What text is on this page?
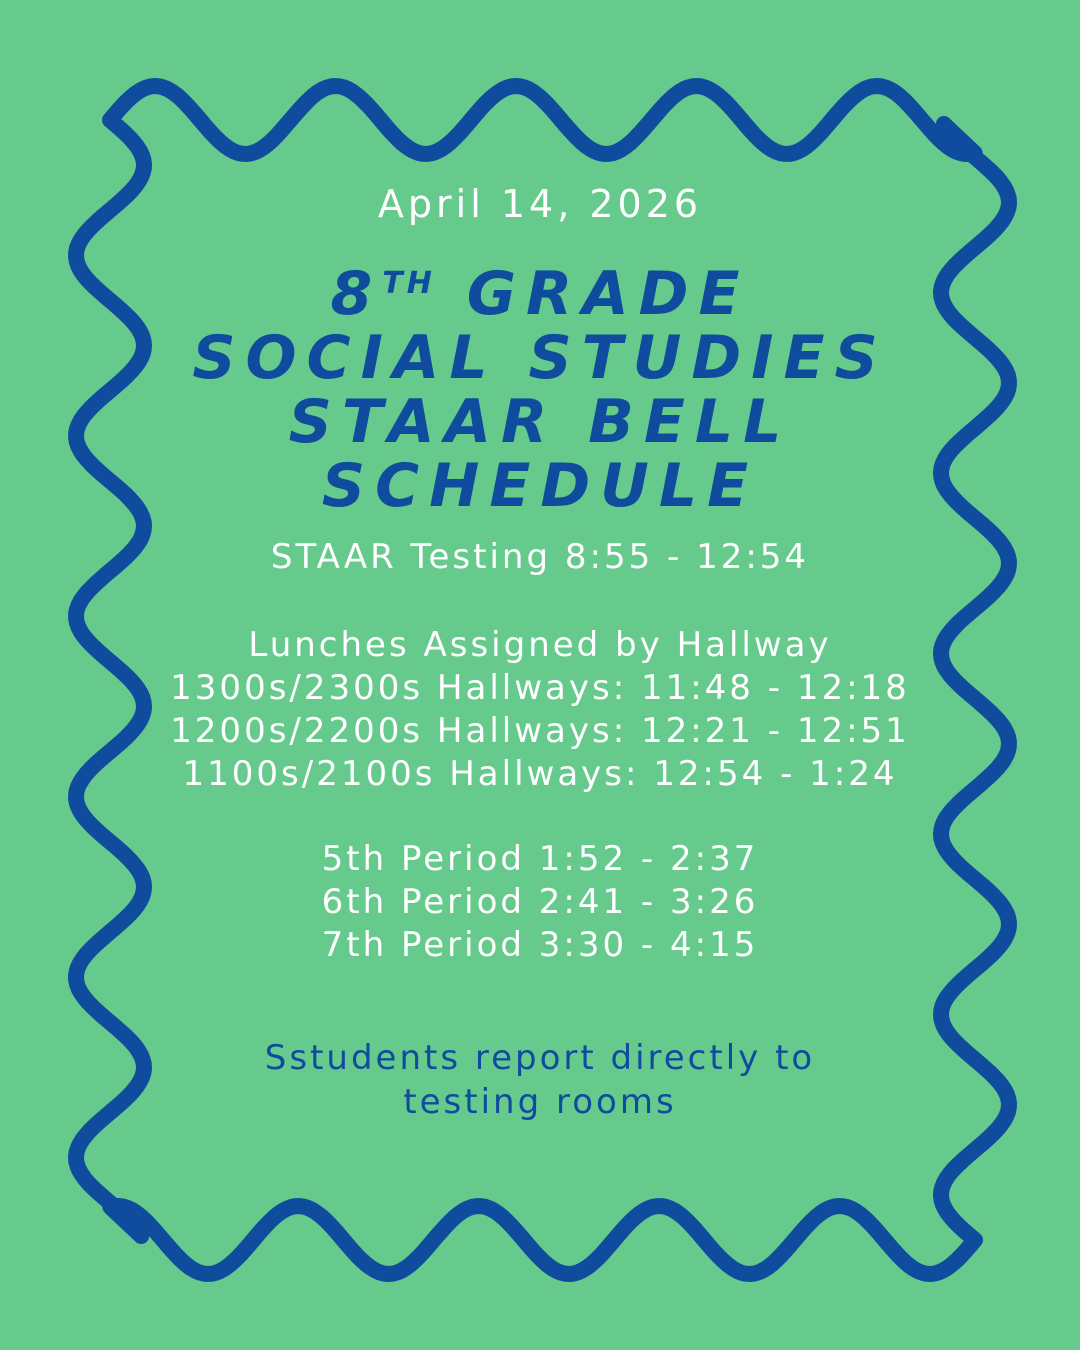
April 14, 2026
8TH GRADE
SOCIAL STUDIES
STAAR BELL
SCHEDULE
STAAR Testing 8:55 - 12:54
Lunches Assigned by Hallway
1300s/2300s Hallways: 11:48 - 12:18
1200s/2200s Hallways: 12:21 - 12:51
1100s/2100s Hallways: 12:54 - 1:24
5th Period 1:52 - 2:37
6th Period 2:41 - 3:26
7th Period 3:30 - 4:15
Sstudents report directly to
testing rooms
